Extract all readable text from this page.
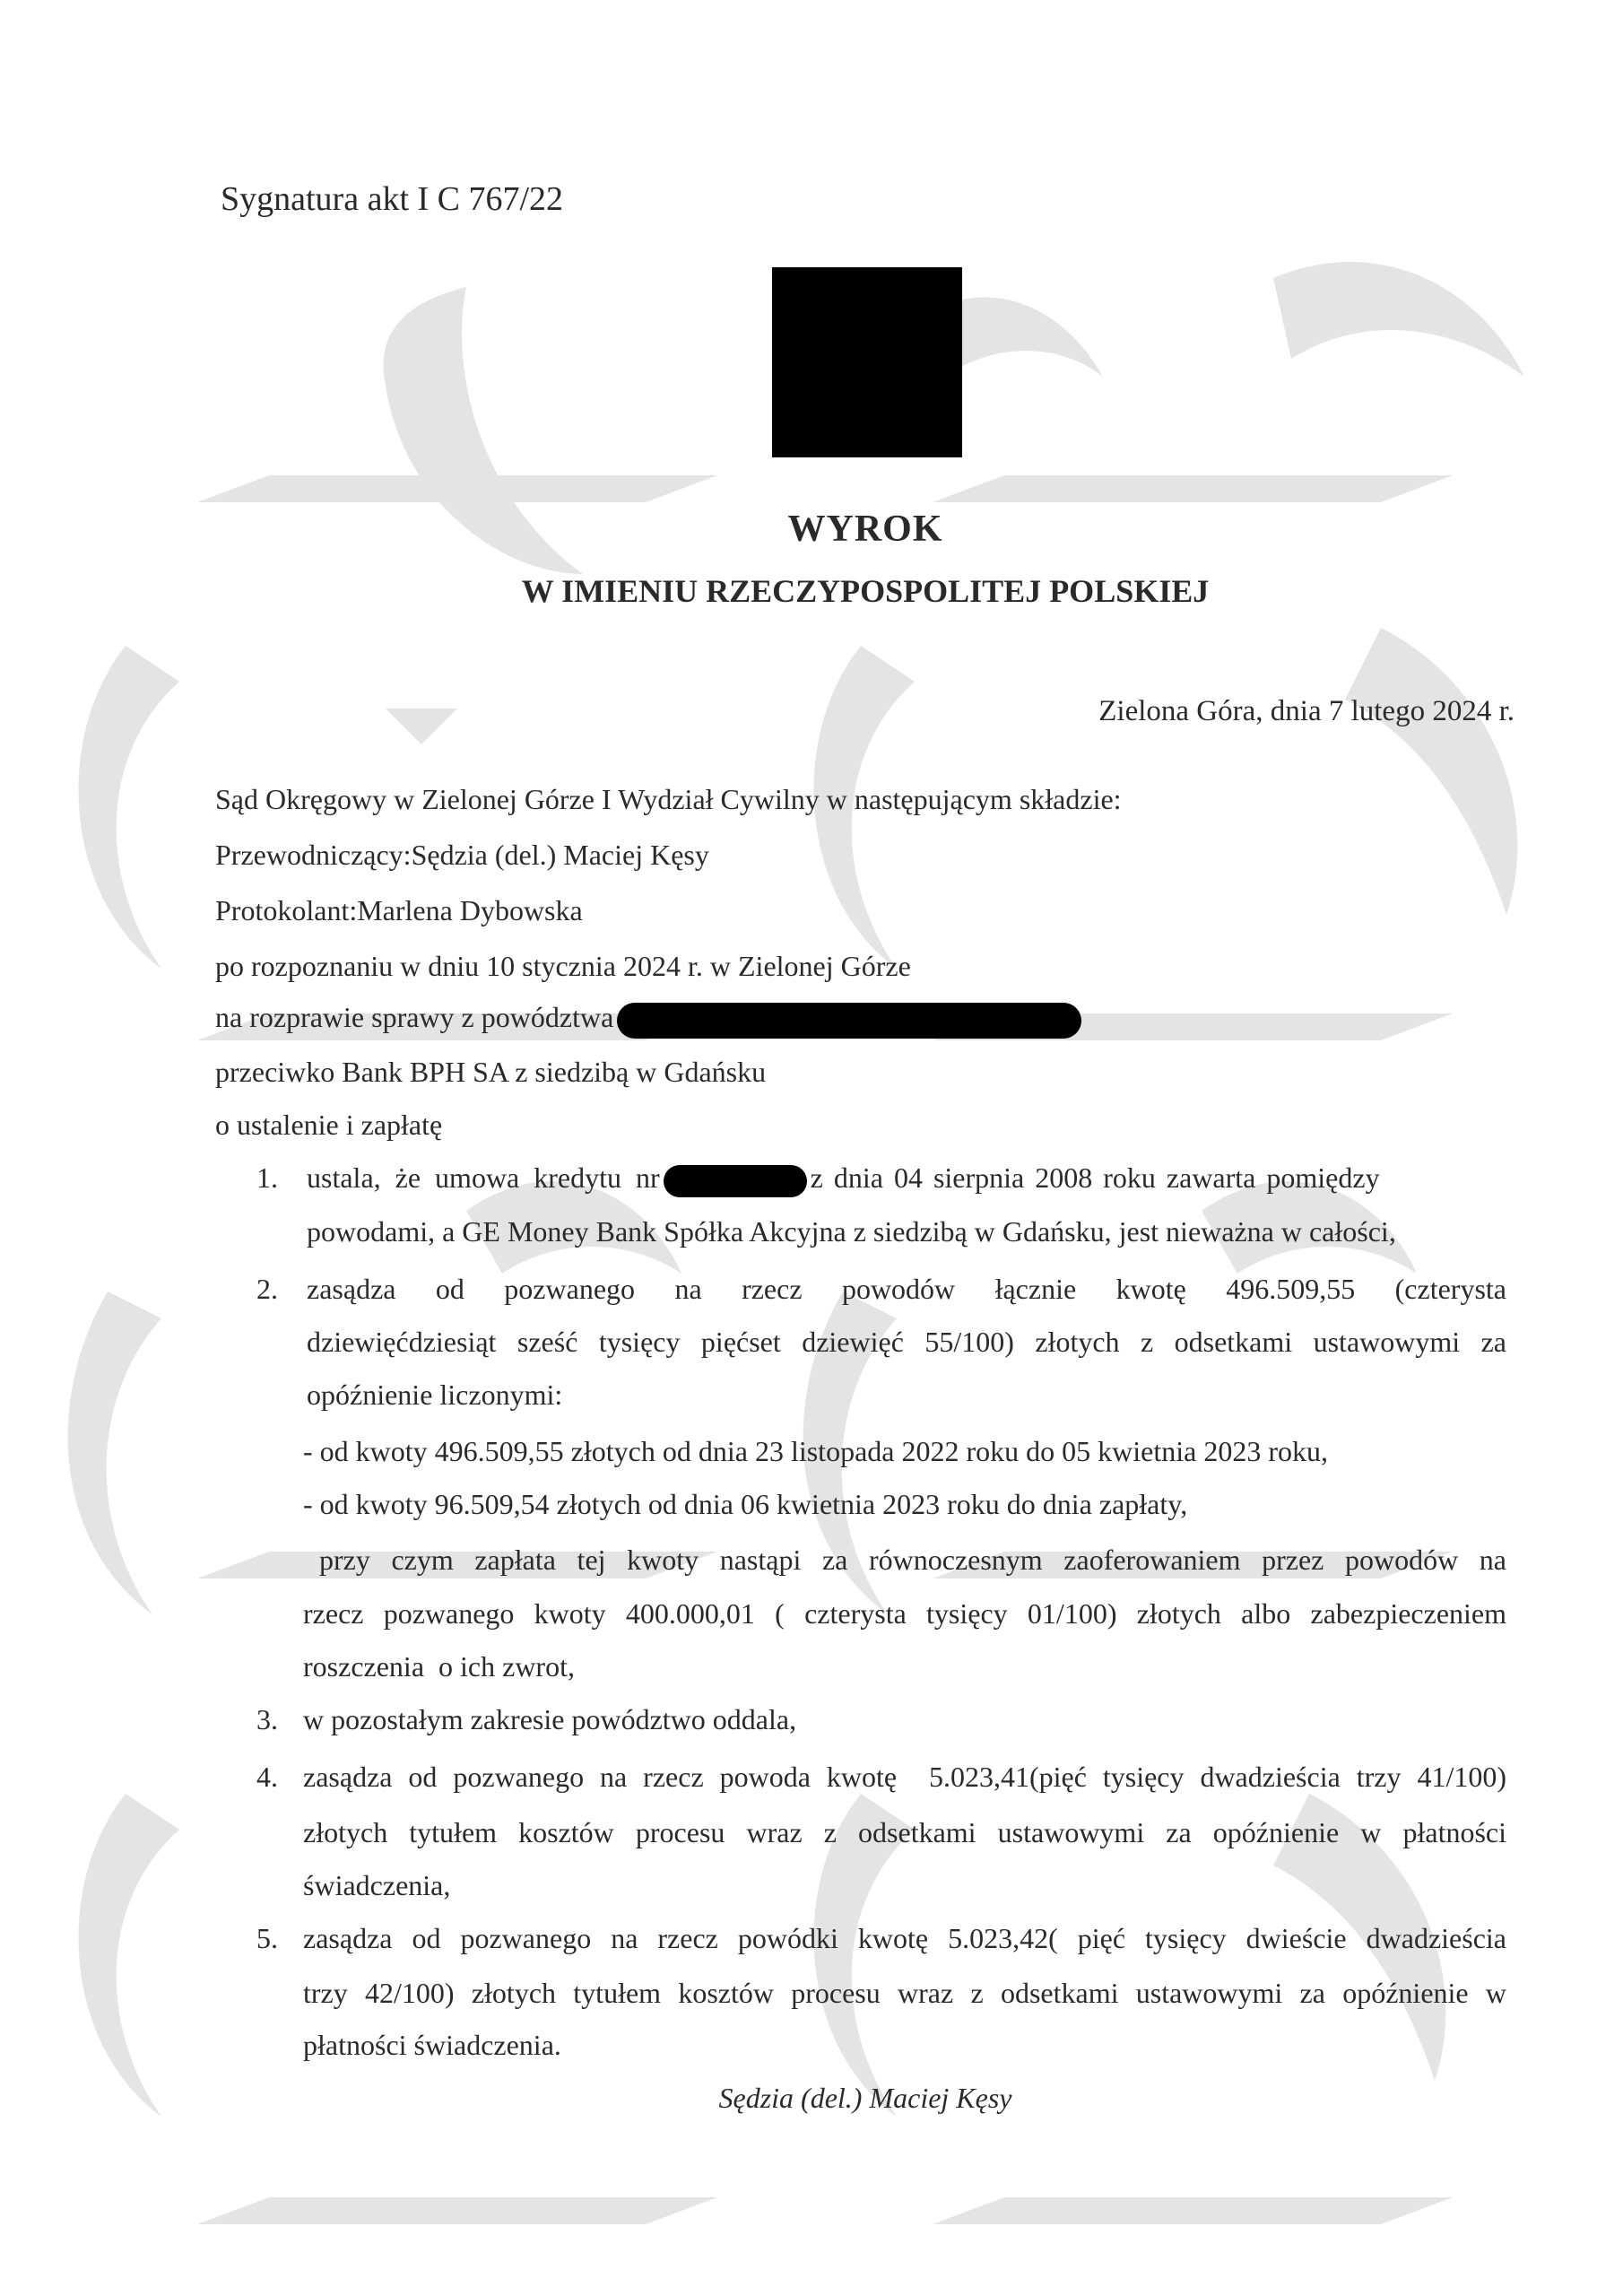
Sygnatura akt I C 767/22
WYROK
W IMIENIU RZECZYPOSPOLITEJ POLSKIEJ
Zielona Góra, dnia 7 lutego 2024 r.
Sąd Okręgowy w Zielonej Górze I Wydział Cywilny w następującym składzie:
Przewodniczący:Sędzia (del.) Maciej Kęsy
Protokolant:Marlena Dybowska
po rozpoznaniu w dniu 10 stycznia 2024 r. w Zielonej Górze
na rozprawie sprawy z powództwa
przeciwko Bank BPH SA z siedzibą w Gdańsku
o ustalenie i zapłatę
1. ustala, że umowa kredytu nr	z dnia 04 sierpnia 2008 roku zawarta pomiędzy
powodami, a GE Money Bank Spółka Akcyjna z siedzibą w Gdańsku, jest nieważna w całości,
2. zasądza od pozwanego na rzecz powodów łącznie kwotę 496.509,55 (czterysta
dziewięćdziesiąt sześć tysięcy pięćset dziewięć 55/100) złotych z odsetkami ustawowymi za
opóźnienie liczonymi:
- od kwoty 496.509,55 złotych od dnia 23 listopada 2022 roku do 05 kwietnia 2023 roku,
- od kwoty 96.509,54 złotych od dnia 06 kwietnia 2023 roku do dnia zapłaty,
przy czym zapłata tej kwoty nastąpi za równoczesnym zaoferowaniem przez powodów na
rzecz pozwanego kwoty 400.000,01 ( czterysta tysięcy 01/100) złotych albo zabezpieczeniem
roszczenia  o ich zwrot,
3. w pozostałym zakresie powództwo oddala,
4. zasądza od pozwanego na rzecz powoda kwotę  5.023,41(pięć tysięcy dwadzieścia trzy 41/100)
złotych tytułem kosztów procesu wraz z odsetkami ustawowymi za opóźnienie w płatności
świadczenia,
5. zasądza od pozwanego na rzecz powódki kwotę 5.023,42( pięć tysięcy dwieście dwadzieścia
trzy 42/100) złotych tytułem kosztów procesu wraz z odsetkami ustawowymi za opóźnienie w
płatności świadczenia.
Sędzia (del.) Maciej Kęsy
